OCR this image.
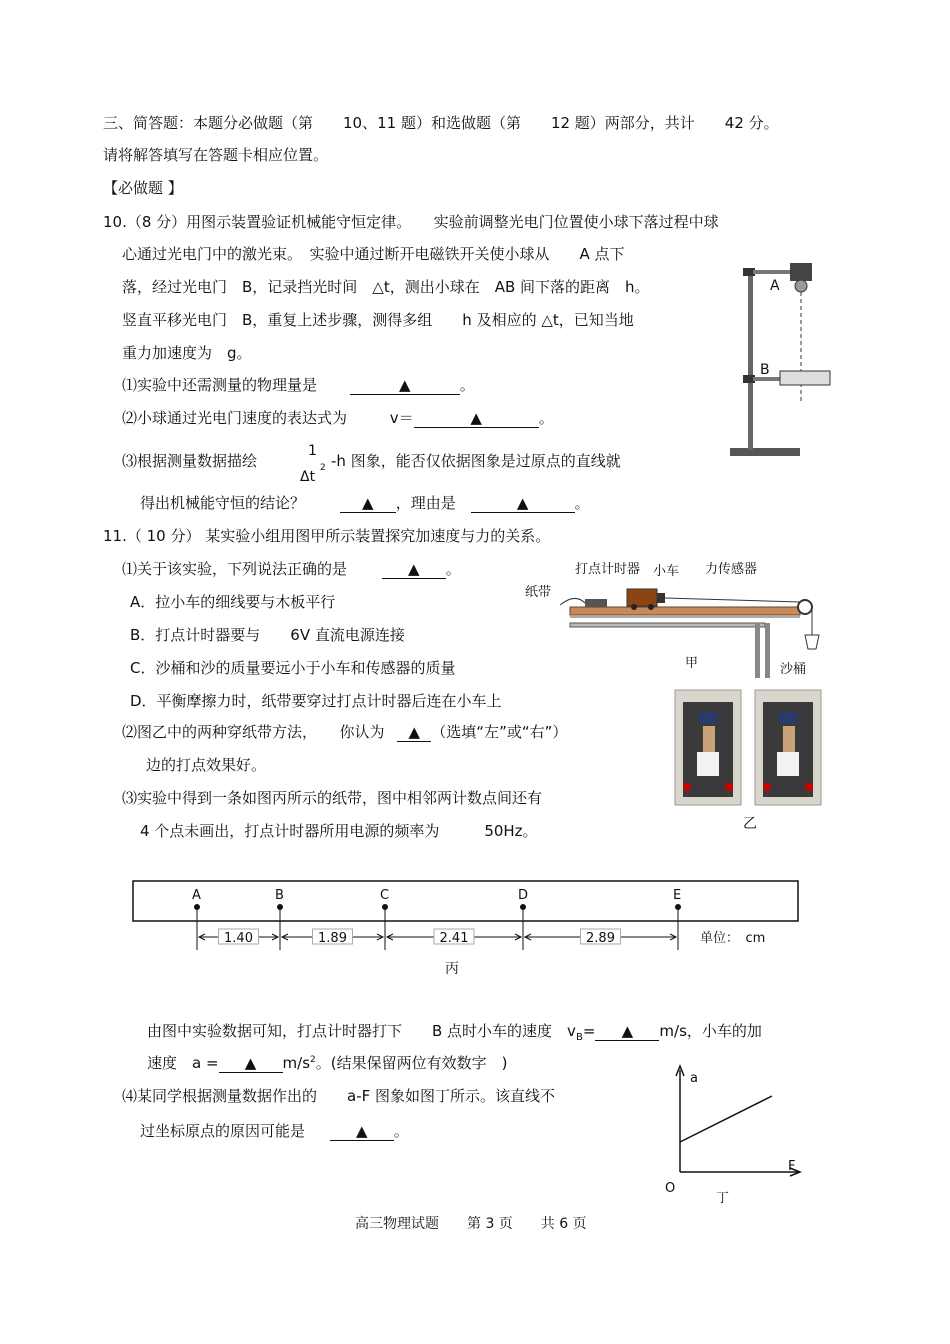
三、简答题：本题分必做题（第　　10、11 题）和选做题（第　　12 题）两部分，共计　　42 分。
请将解答填写在答题卡相应位置。
【必做题 】
10.（8 分）用图示装置验证机械能守恒定律。　　实验前调整光电门位置使小球下落过程中球
心通过光电门中的激光束。　实验中通过断开电磁铁开关使小球从　　A 点下
落，经过光电门　B，记录挡光时间　△t，测出小球在　AB 间下落的距离　h。
竖直平移光电门　B，重复上述步骤，测得多组　　h 及相应的 △t，已知当地
重力加速度为　g。
⑴实验中还需测量的物理量是	▲	。
⑵小球通过光电门速度的表达式为	v＝	▲	。
⑶根据测量数据描绘
1
Δt
2 -h 图象，能否仅依据图象是过原点的直线就
得出机械能守恒的结论？	▲ ，理由是	▲	。
A
B
11.（ 10 分） 某实验小组用图甲所示装置探究加速度与力的关系。
⑴关于该实验，下列说法正确的是	▲ 。
A．拉小车的细线要与木板平行
B．打点计时器要与　　6V 直流电源连接
C．沙桶和沙的质量要远小于小车和传感器的质量
D．平衡摩擦力时，纸带要穿过打点计时器后连在小车上
⑵图乙中的两种穿纸带方法，　　你认为 ▲ （选填“左”或“右”）
边的打点效果好。
⑶实验中得到一条如图丙所示的纸带，图中相邻两计数点间还有
4 个点未画出，打点计时器所用电源的频率为　　　50Hz。
打点计时器 小车 力传感器
纸带
沙桶
甲
乙
A	B	C	D	E
1.40	1.89	2.41	2.89
丙
单位：　cm
由图中实验数据可知，打点计时器打下　　B 点时小车的速度　$v_B=$ ▲ m/s，小车的加
速度　a = ▲ $m/s^2$。(结果保留两位有效数字　)
⑷某同学根据测量数据作出的　　a-F 图象如图丁所示。该直线不
过坐标原点的原因可能是	▲ 。
a
F
O
丁
高三物理试题　　第 3 页　　共 6 页
